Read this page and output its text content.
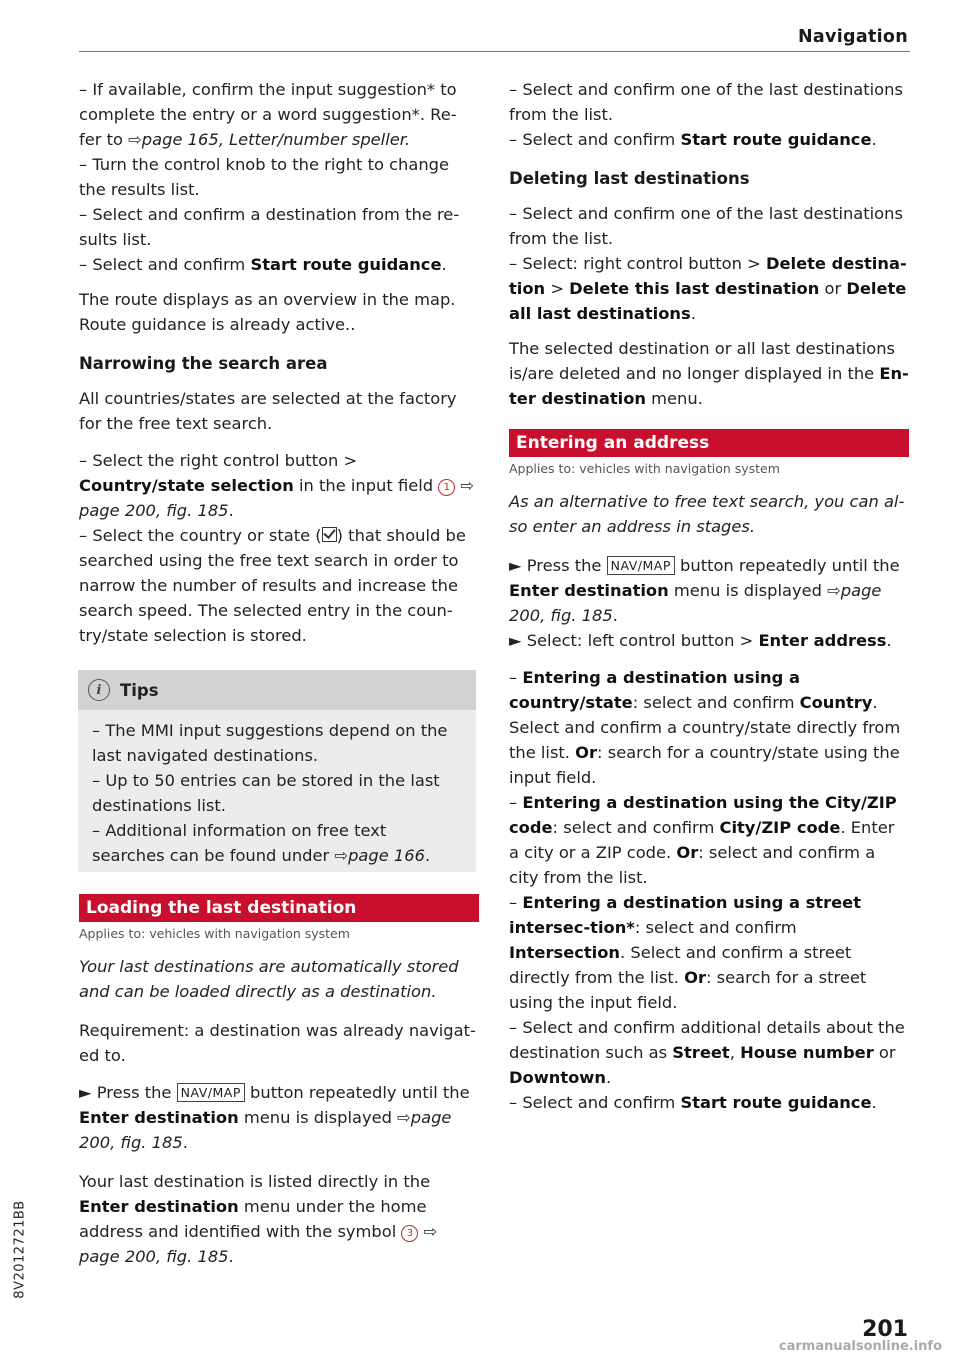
Navigation

– If available, confirm the input suggestion* to complete the entry or a word suggestion*. Re-fer to ⇨page 165, Letter/number speller.

– Turn the control knob to the right to change the results list.

– Select and confirm a destination from the re-sults list.

– Select and confirm Start route guidance.

The route displays as an overview in the map. Route guidance is already active..

Narrowing the search area

All countries/states are selected at the factory for the free text search.

– Select the right control button > Country/state selection in the input field 1 ⇨ page 200, fig. 185.

– Select the country or state ( ) that should be searched using the free text search in order to narrow the number of results and increase the search speed. The selected entry in the coun-try/state selection is stored.

i	Tips

– The MMI input suggestions depend on the last navigated destinations.

– Up to 50 entries can be stored in the last destinations list.

– Additional information on free text searches can be found under ⇨page 166.

Loading the last destination
Applies to: vehicles with navigation system

Your last destinations are automatically stored and can be loaded directly as a destination.

Requirement: a destination was already navigat-ed to.

► Press the NAV/MAP button repeatedly until the Enter destination menu is displayed ⇨page 200, fig. 185.

Your last destination is listed directly in the Enter destination menu under the home address and identified with the symbol 3 ⇨ page 200, fig. 185.

– Select and confirm one of the last destinations from the list.

– Select and confirm Start route guidance.

Deleting last destinations

– Select and confirm one of the last destinations from the list.

– Select: right control button > Delete destina-tion > Delete this last destination or Delete all last destinations.

The selected destination or all last destinations is/are deleted and no longer displayed in the En-ter destination menu.

Entering an address
Applies to: vehicles with navigation system

As an alternative to free text search, you can al-so enter an address in stages.

► Press the NAV/MAP button repeatedly until the Enter destination menu is displayed ⇨page 200, fig. 185.

► Select: left control button > Enter address.

– Entering a destination using a country/state: select and confirm Country. Select and confirm a country/state directly from the list. Or: search for a country/state using the input field.

– Entering a destination using the City/ZIP code: select and confirm City/ZIP code. Enter a city or a ZIP code. Or: select and confirm a city from the list.

– Entering a destination using a street intersec-tion*: select and confirm Intersection. Select and confirm a street directly from the list. Or: search for a street using the input field.

– Select and confirm additional details about the destination such as Street, House number or Downtown.

– Select and confirm Start route guidance.

8V2012721BB
201
carmanualsonline.info
